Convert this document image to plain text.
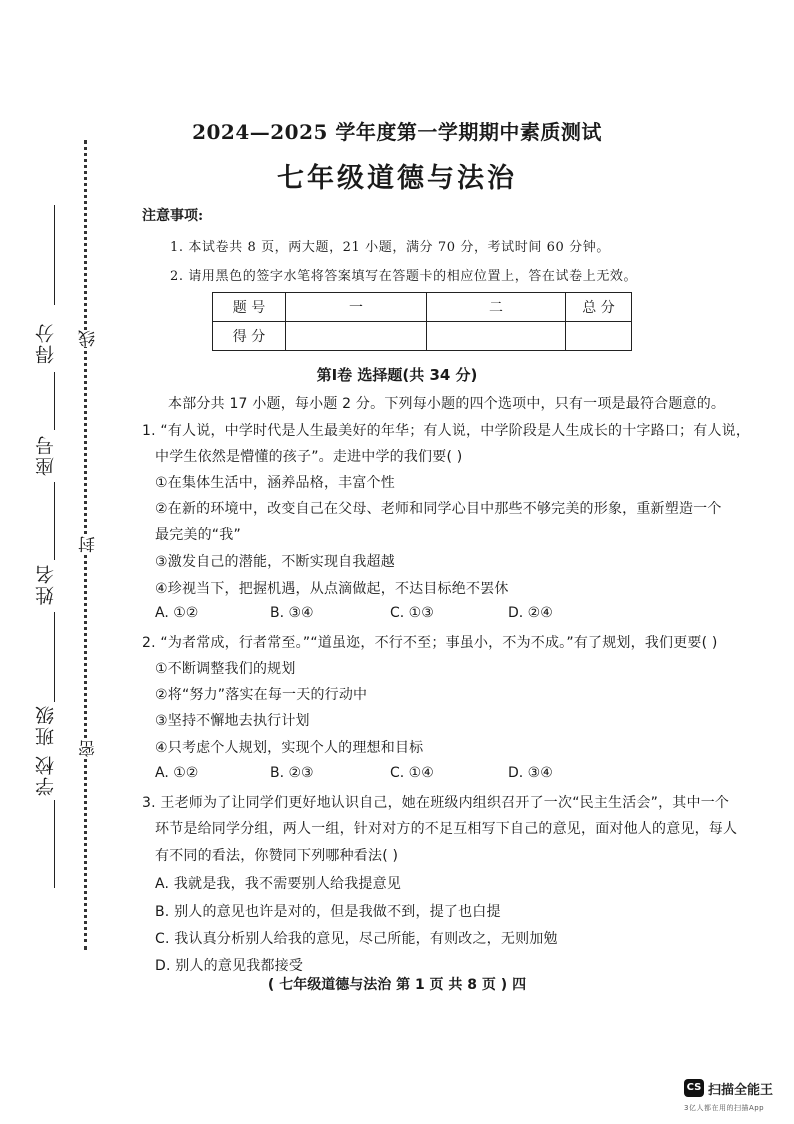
线
封
密
得分
座号
姓名
班级
学校
2024—2025 学年度第一学期期中素质测试
七年级道德与法治
注意事项:
1. 本试卷共 8 页，两大题，21 小题，满分 70 分，考试时间 60 分钟。
2. 请用黑色的签字水笔将答案填写在答题卡的相应位置上，答在试卷上无效。
题 号	一	二	总 分
得 分			
第Ⅰ卷 选择题(共 34 分)
本部分共 17 小题，每小题 2 分。下列每小题的四个选项中，只有一项是最符合题意的。
1. “有人说，中学时代是人生最美好的年华；有人说，中学阶段是人生成长的十字路口；有人说，
中学生依然是懵懂的孩子”。走进中学的我们要( )
①在集体生活中，涵养品格，丰富个性
②在新的环境中，改变自己在父母、老师和同学心目中那些不够完美的形象，重新塑造一个
最完美的“我”
③激发自己的潜能，不断实现自我超越
④珍视当下，把握机遇，从点滴做起，不达目标绝不罢休
A. ①②	B. ③④	C. ①③	D. ②④
2. “为者常成，行者常至。”“道虽迩，不行不至；事虽小，不为不成。”有了规划，我们更要( )
①不断调整我们的规划
②将“努力”落实在每一天的行动中
③坚持不懈地去执行计划
④只考虑个人规划，实现个人的理想和目标
A. ①②	B. ②③	C. ①④	D. ③④
3. 王老师为了让同学们更好地认识自己，她在班级内组织召开了一次“民主生活会”，其中一个
环节是给同学分组，两人一组，针对对方的不足互相写下自己的意见，面对他人的意见，每人
有不同的看法，你赞同下列哪种看法( )
A. 我就是我，我不需要别人给我提意见
B. 别人的意见也许是对的，但是我做不到，提了也白提
C. 我认真分析别人给我的意见，尽己所能，有则改之，无则加勉
D. 别人的意见我都接受
( 七年级道德与法治 第 1 页 共 8 页 ) 四
CS 扫描全能王
3亿人都在用的扫描App
